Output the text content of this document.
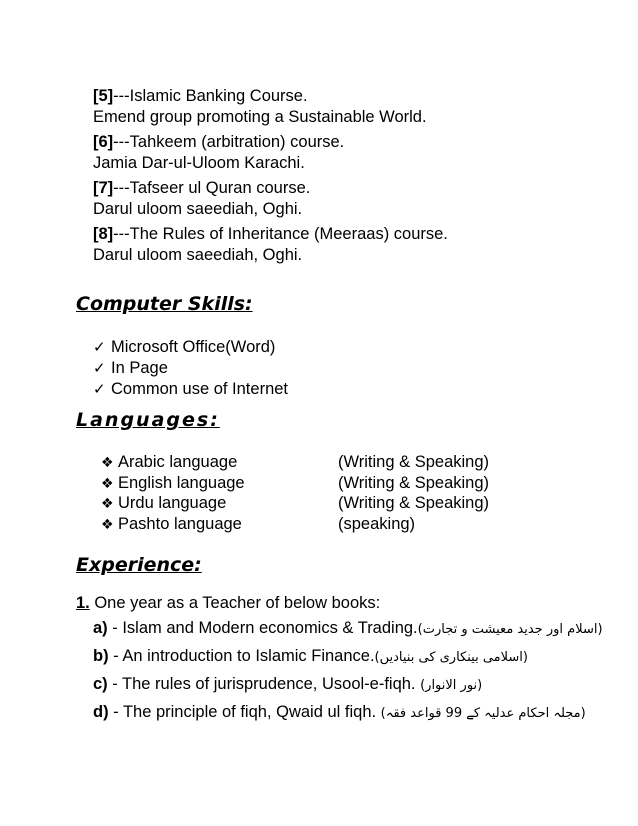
[5]---Islamic Banking Course.
Emend group promoting a Sustainable World.
[6]---Tahkeem (arbitration) course.
Jamia Dar-ul-Uloom Karachi.
[7]---Tafseer ul Quran course.
Darul uloom saeediah, Oghi.
[8]---The Rules of Inheritance (Meeraas) course.
Darul uloom saeediah, Oghi.
Computer Skills:
✓ Microsoft Office(Word)
✓ In Page
✓ Common use of Internet
Languages:
❖ Arabic language	(Writing & Speaking)
❖ English language	(Writing & Speaking)
❖ Urdu language	(Writing & Speaking)
❖ Pashto language	(speaking)
Experience:
1. One year as a Teacher of below books:
a) - Islam and Modern economics & Trading.(اسلام اور جدید معیشت و تجارت)
b) - An introduction to Islamic Finance.(اسلامی بینکاری کی بنیادیں)
c) - The rules of jurisprudence, Usool-e-fiqh. (نور الانوار)
d) - The principle of fiqh, Qwaid ul fiqh. (مجلہ احکام عدلیہ کے 99 قواعد فقہ)
